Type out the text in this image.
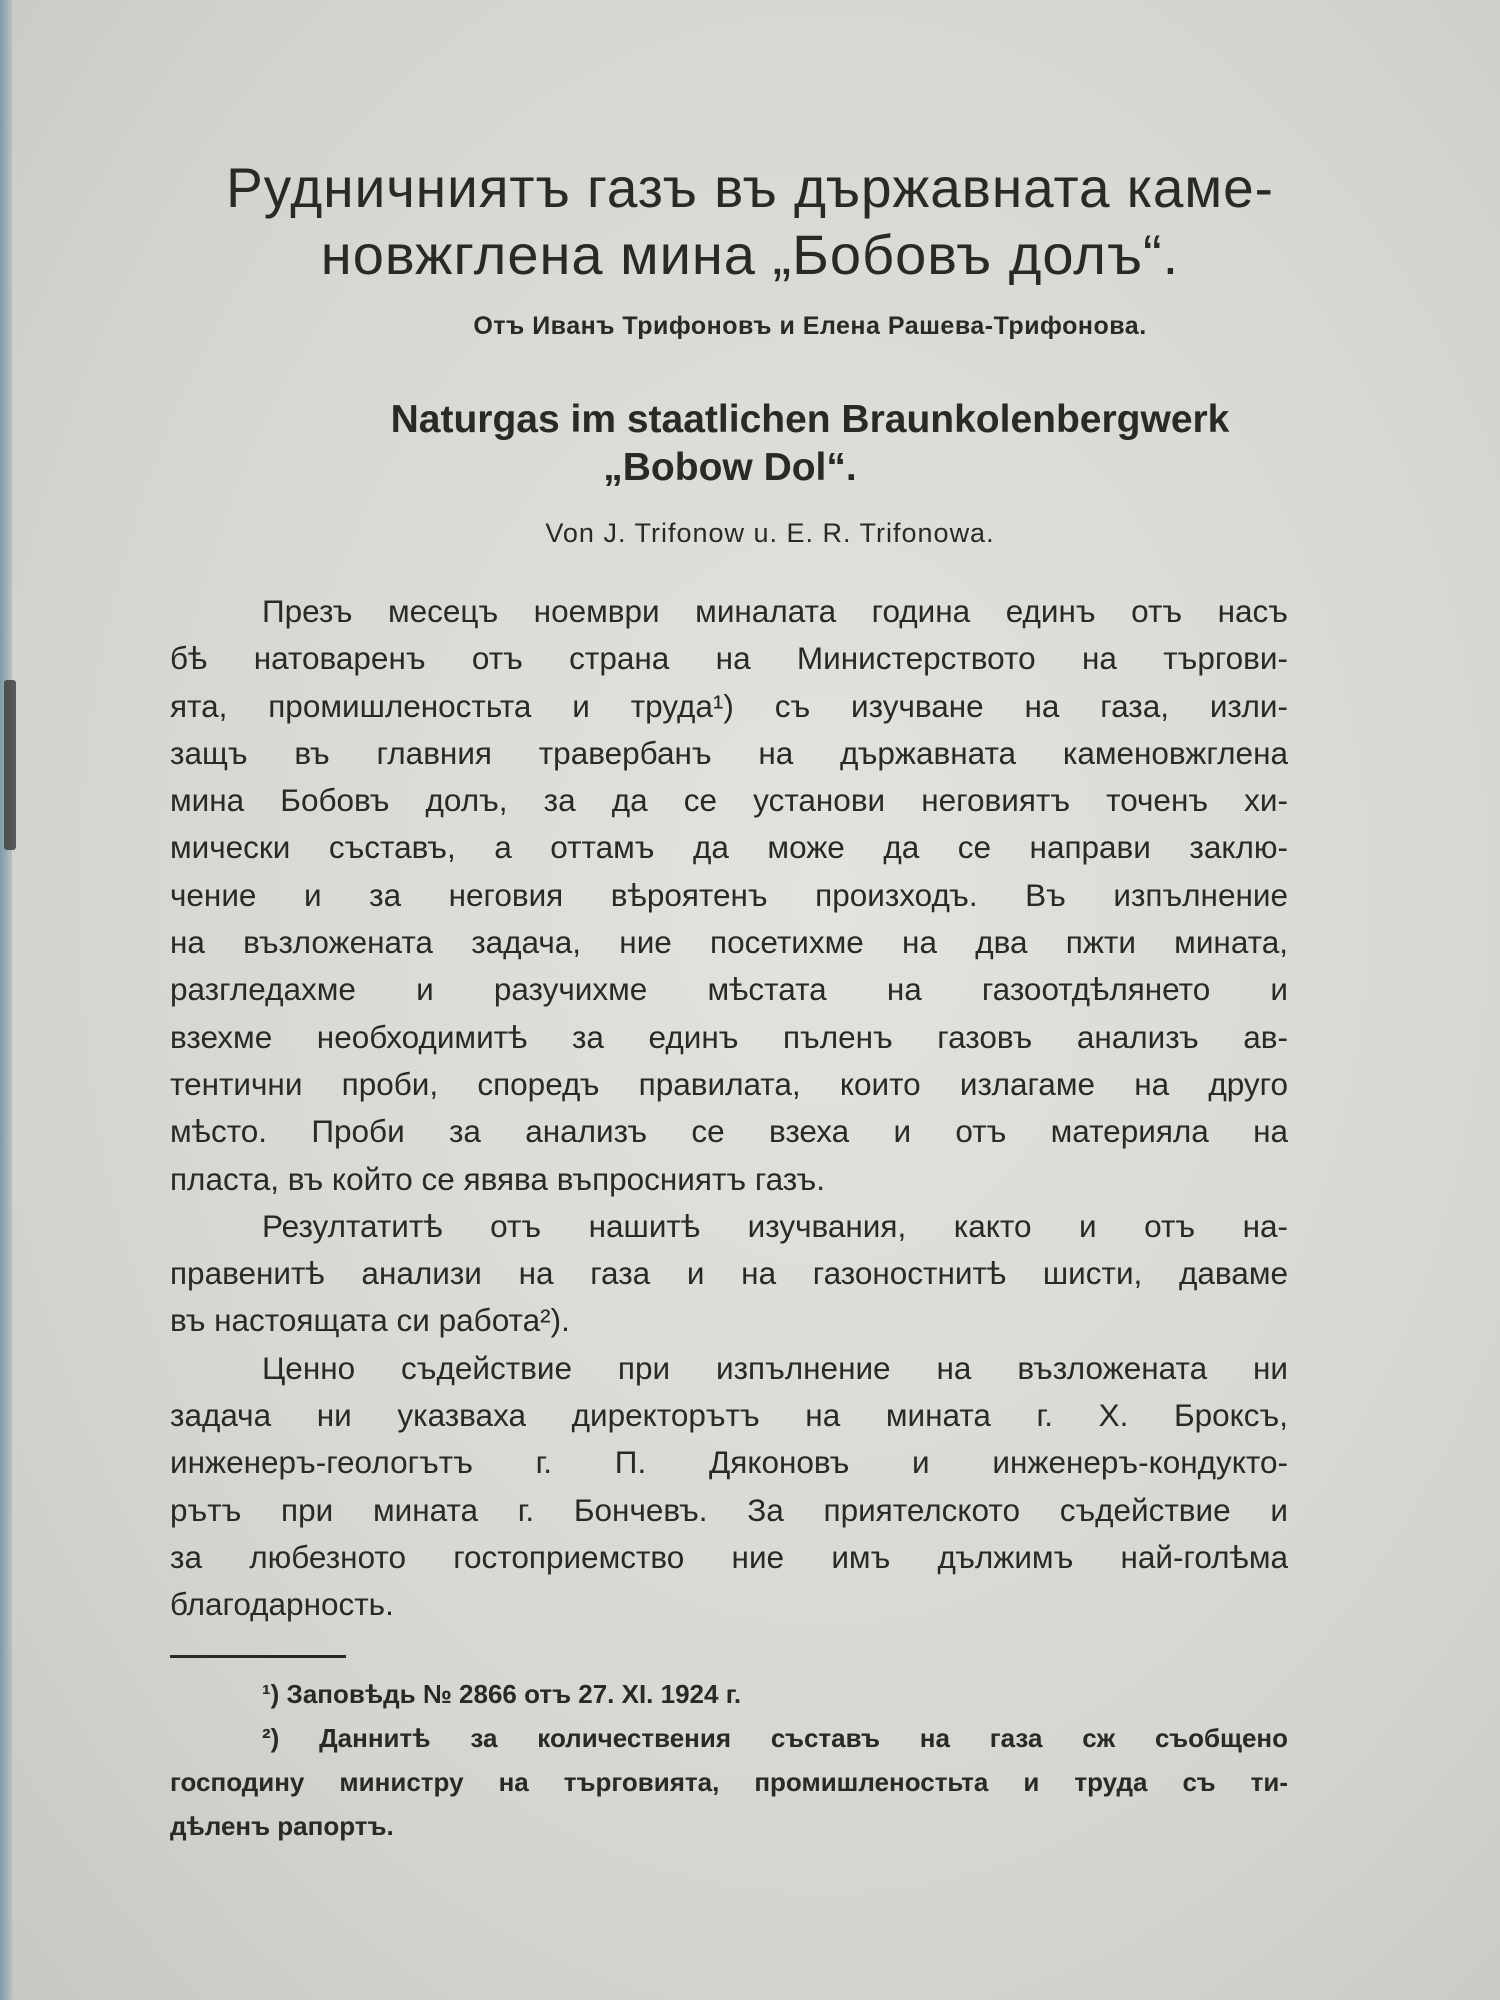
Рудничниятъ газъ въ държавната каме-
новжглена мина „Бобовъ долъ“.
Отъ Иванъ Трифоновъ и Елена Рашева-Трифонова.
Naturgas im staatlichen Braunkolenbergwerk
„Bobow Dol“.
Von J. Trifonow u. E. R. Trifonowa.
Презъ месецъ ноември миналата година единъ отъ насъ
бѣ натоваренъ отъ страна на Министерството на търгови-
ята, промишленостьта и труда¹) съ изучване на газа, изли-
защъ въ главния травербанъ на държавната каменовжглена
мина Бобовъ долъ, за да се установи неговиятъ точенъ хи-
мически съставъ, а оттамъ да може да се направи заклю-
чение и за неговия вѣроятенъ произходъ. Въ изпълнение
на възложената задача, ние посетихме на два пжти мината,
разгледахме и разучихме мѣстата на газоотдѣлянето и
взехме необходимитѣ за единъ пъленъ газовъ анализъ ав-
тентични проби, спoредъ правилата, които излагаме на друго
мѣсто. Проби за анализъ се взеха и отъ материяла на
пласта, въ който се явява въпросниятъ газъ.
Резултатитѣ отъ нашитѣ изучвания, както и отъ на-
правенитѣ анализи на газа и на газоностнитѣ шисти, даваме
въ настоящата си работа²).
Ценно съдействие при изпълнение на възложената ни
задача ни указваха директорътъ на мината г. Х. Броксъ,
инженеръ-геологътъ г. П. Дяконовъ и инженеръ-кондукто-
рътъ при мината г. Бончевъ. За приятелското съдействие и
за любезното гостоприемство ние имъ дължимъ най-голѣма
благодарность.
¹) Заповѣдь № 2866 отъ 27. XI. 1924 г.
²) Даннитѣ за количествения съставъ на газа сж съобщено
господину министру на търговията, промишленостьта и труда съ ти-
дѣленъ рапортъ.
